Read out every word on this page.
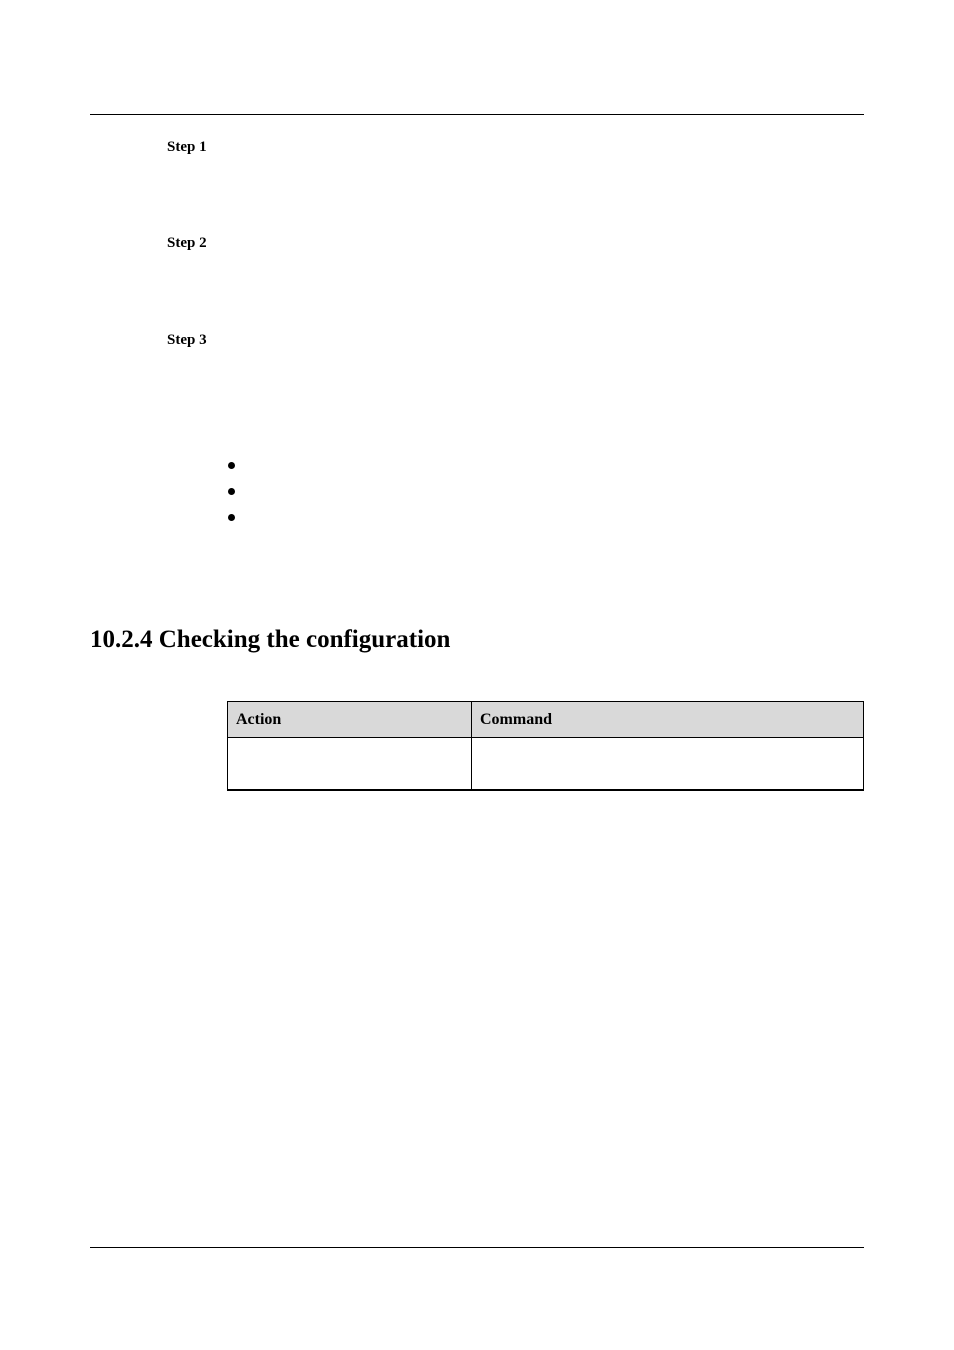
Step 1
Step 2
Step 3
10.2.4 Checking the configuration
Action	Command
